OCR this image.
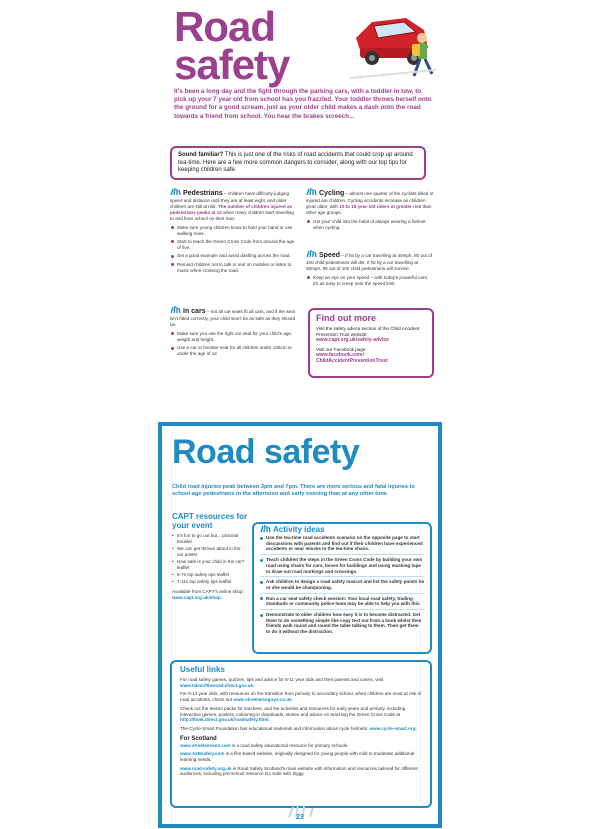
Road
safety
It's been a long day and the fight through the parking cars, with a toddler in tow, to pick up your 7 year old from school has you frazzled. Your toddler throws herself onto the ground for a good scream, just as your older child makes a dash onto the road towards a friend from school. You hear the brakes screech...
Sound familiar? This is just one of the risks of road accidents that could crop up around tea-time. Here are a few more common dangers to consider, along with our top tips for keeping children safe:
Pedestrians – children have difficulty judging speed and distance until they are at least eight, and older children are still at risk. The number of children injured as pedestrians peaks at 12 when many children start travelling to and from school on their own.
Make sure young children know to hold your hand or use walking reins.
Start to teach the Green Cross Code from around the age of five.
Set a good example and avoid dashing across the road.
Remind children not to talk or text on mobiles or listen to music when crossing the road.
In cars – not all car seats fit all cars, and if the seat isn't fitted correctly, your child won't be as safe as they should be.
Make sure you use the right car seat for your child's age, weight and height.
Use a car or booster seat for all children under 135cm or under the age of 12.
Cycling – almost one quarter of the cyclists killed or injured are children. Cycling accidents increase as children grow older, with 10 to 15 year-old riders at greater risk than other age groups.
Get your child into the habit of always wearing a helmet when cycling.
Speed – If hit by a car travelling at 40mph, 80 out of 100 child pedestrians will die. If hit by a car travelling at 30mph, 95 out of 100 child pedestrians will survive.
Keep an eye on your speed – with today's powerful cars, it's as easy to creep over the speed limit.
Find out more
Visit the safety advice section of the Child Accident Prevention Trust website:
www.capt.org.uk/safety-advice
Visit our Facebook page:
www.facebook.com/ ChildAccidentPreventionTrust
Road safety
Child road injuries peak between 3pm and 7pm. There are more serious and fatal injuries to school-age pedestrians in the afternoon and early evening than at any other time.
CAPT resources for your event
• It's fun to go out but... pictorial booklet
• We can get thrown about in the car poster
• How safe is your child in the car? leaflet
• 5-7s top safety tips leaflet
• 7-11s top safety tips leaflet
Available from CAPT's online shop:
www.capt.org.uk/shop.
Activity ideas
Use the tea-time road accidents scenario on the opposite page to start discussions with parents and find out if their children have experienced accidents or near misses in the tea-time chaos.
Teach children the steps in the Green Cross Code by building your own road using chairs for cars, boxes for buildings and using masking tape to draw out road markings and crossings.
Ask children to design a road safety mascot and list the safety points he or she would be championing.
Run a car seat safety check session: Your local road safety, trading standards or community police team may be able to help you with this.
Demonstrate to older children how easy it is to become distracted. Get them to do something simple like copy text out from a book whilst their friends walk round and round the table talking to them. Then get them to do it without the distraction.
Useful links

For road safety games, quizzes, tips and advice for 6-11 year olds and their parents and carers, visit www.talesoftheroad.direct.gov.uk.

For 8-14 year olds, with resources on the transition from primary to secondary school, when children are most at risk of road accidents, check out www.streetwiseguys.co.uk.

Check out the lesson packs for teachers, and the activities and resources for early years and primary, including interactive games, posters, colouring-in downloads, stories and advice on teaching the Green Cross Code at http://think.direct.gov.uk/roadsafety.html.

The Cycle-Smart Foundation has educational materials and information about cycle helmets: www.cycle-smart.org.

For Scotland

www.streetsense2.com is a road safety educational resource for primary schools.

www.A2Bsafely.com is a film-based website, originally designed for young people with mild to moderate additional learning needs.

www.road-safety.org.uk is Road Safety Scotland's main website with information and resources tailored for different audiences, including pre-school resource Go Safe with Ziggy.

23
